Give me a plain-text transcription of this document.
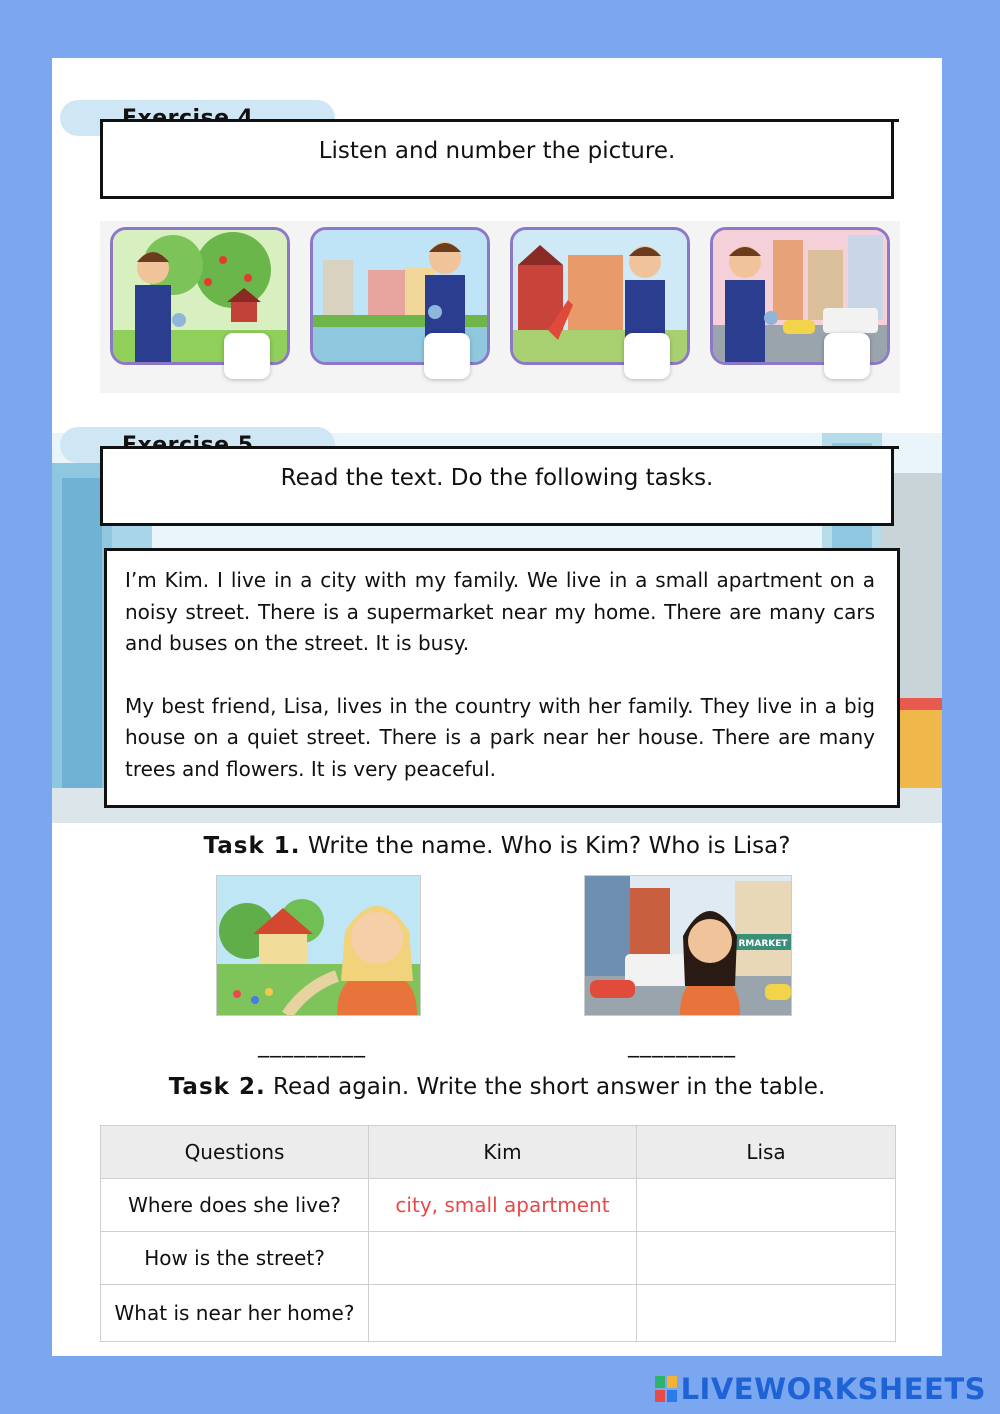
Listen and number the picture.
Read the text. Do the following tasks.

I’m Kim. I live in a city with my family. We live in a small apartment on a noisy street. There is a supermarket near my home. There are many cars and buses on the street. It is busy.

My best friend, Lisa, lives in the country with her family. They live in a big house on a quiet street. There is a park near her house. There are many trees and flowers. It is very peaceful.

Task 1. Write the name. Who is Kim? Who is Lisa?
_________
RMARKET
_________
Task 2. Read again. Write the short answer in the table.
Questions	Kim	Lisa
Where does she live?	city, small apartment	
How is the street?		
What is near her home?		
LIVEWORKSHEETS
